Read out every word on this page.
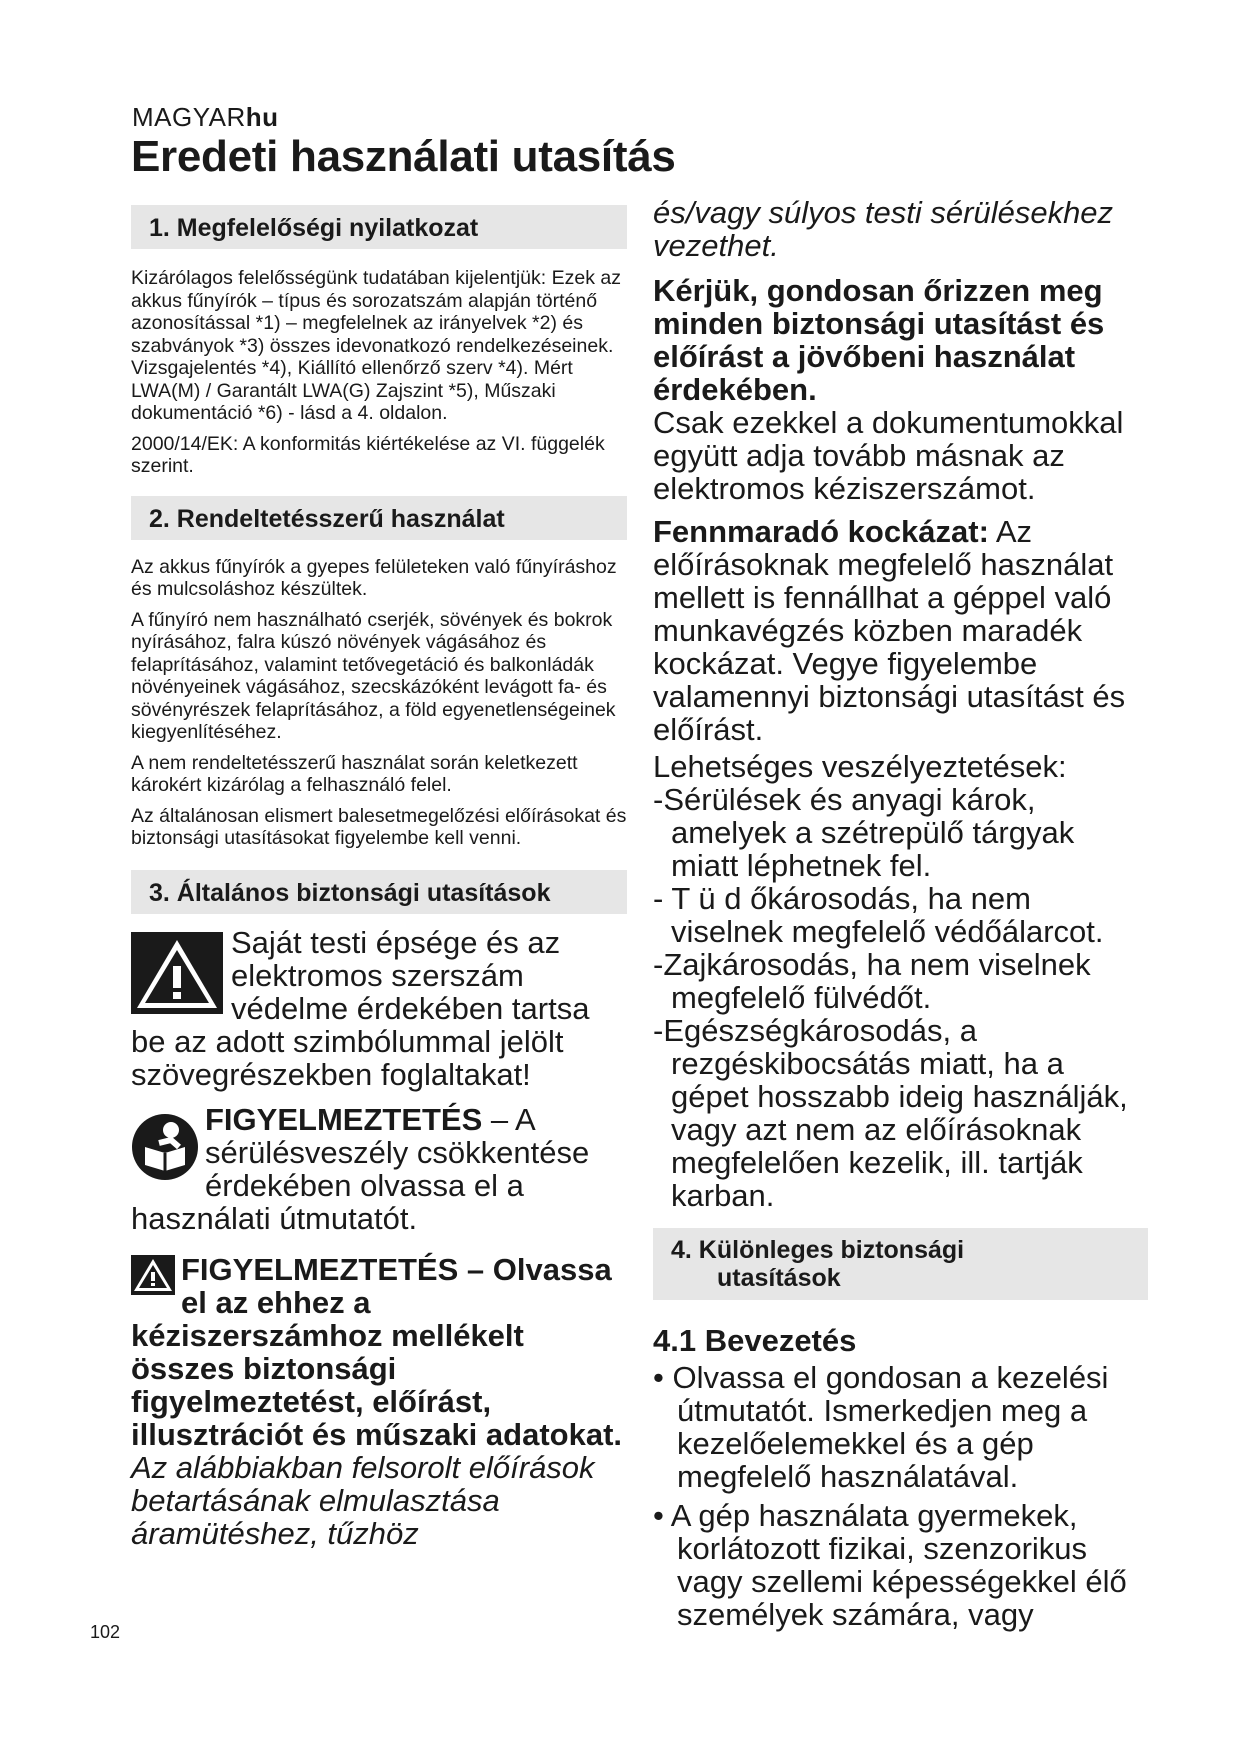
MAGYARhu
Eredeti használati utasítás
1. Megfelelőségi nyilatkozat

Kizárólagos felelősségünk tudatában kijelentjük: Ezek az akkus fűnyírók – típus és sorozatszám alapján történő azonosítással *1) – megfelelnek az irányelvek *2) és szabványok *3) összes idevonatkozó rendelkezéseinek. Vizsgajelentés *4), Kiállító ellenőrző szerv *4). Mért LWA(M) / Garantált LWA(G) Zajszint *5), Műszaki dokumentáció *6) - lásd a 4. oldalon.

2000/14/EK: A konformitás kiértékelése az VI. függelék szerint.

2. Rendeltetésszerű használat

Az akkus fűnyírók a gyepes felületeken való fűnyíráshoz és mulcsoláshoz készültek.

A fűnyíró nem használható cserjék, sövények és bokrok nyírásához, falra kúszó növények vágásához és felaprításához, valamint tetővegetáció és balkonládák növényeinek vágásához, szecskázóként levágott fa- és sövényrészek felaprításához, a föld egyenetlenségeinek kiegyenlítéséhez.

A nem rendeltetésszerű használat során keletkezett károkért kizárólag a felhasználó felel.

Az általánosan elismert balesetmegelőzési előírásokat és biztonsági utasításokat figyelembe kell venni.

3. Általános biztonsági utasítások

Saját testi épsége és az elektromos szerszám védelme érdekében tartsa be az adott szimbólummal jelölt szövegrészekben foglaltakat!

FIGYELMEZTETÉS – A sérülésveszély csökkentése érdekében olvassa el a használati útmutatót.

FIGYELMEZTETÉS – Olvassa el az ehhez a kéziszerszámhoz mellékelt összes biztonsági figyelmeztetést, előírást, illusztrációt és műszaki adatokat. Az alábbiakban felsorolt előírások betartásának elmulasztása áramütéshez, tűzhöz

és/vagy súlyos testi sérülésekhez vezethet.

Kérjük, gondosan őrizzen meg minden biztonsági utasítást és előírást a jövőbeni használat érdekében.

Csak ezekkel a dokumentumokkal együtt adja tovább másnak az elektromos kéziszerszámot.

Fennmaradó kockázat: Az előírásoknak megfelelő használat mellett is fennállhat a géppel való munkavégzés közben maradék kockázat. Vegye figyelembe valamennyi biztonsági utasítást és előírást.

Lehetséges veszélyeztetések:

-Sérülések és anyagi károk, amelyek a szétrepülő tárgyak miatt léphetnek fel.

- T ü d őkárosodás, ha nem viselnek megfelelő védőálarcot.

-Zajkárosodás, ha nem viselnek megfelelő fülvédőt.

-Egészségkárosodás, a rezgéskibocsátás miatt, ha a gépet hosszabb ideig használják, vagy azt nem az előírásoknak megfelelően kezelik, ill. tartják karban.

4. Különleges biztonsági
utasítások
4.1 Bevezetés

• Olvassa el gondosan a kezelési útmutatót. Ismerkedjen meg a kezelőelemekkel és a gép megfelelő használatával.

• A gép használata gyermekek, korlátozott fizikai, szenzorikus vagy szellemi képességekkel élő személyek számára, vagy

102
